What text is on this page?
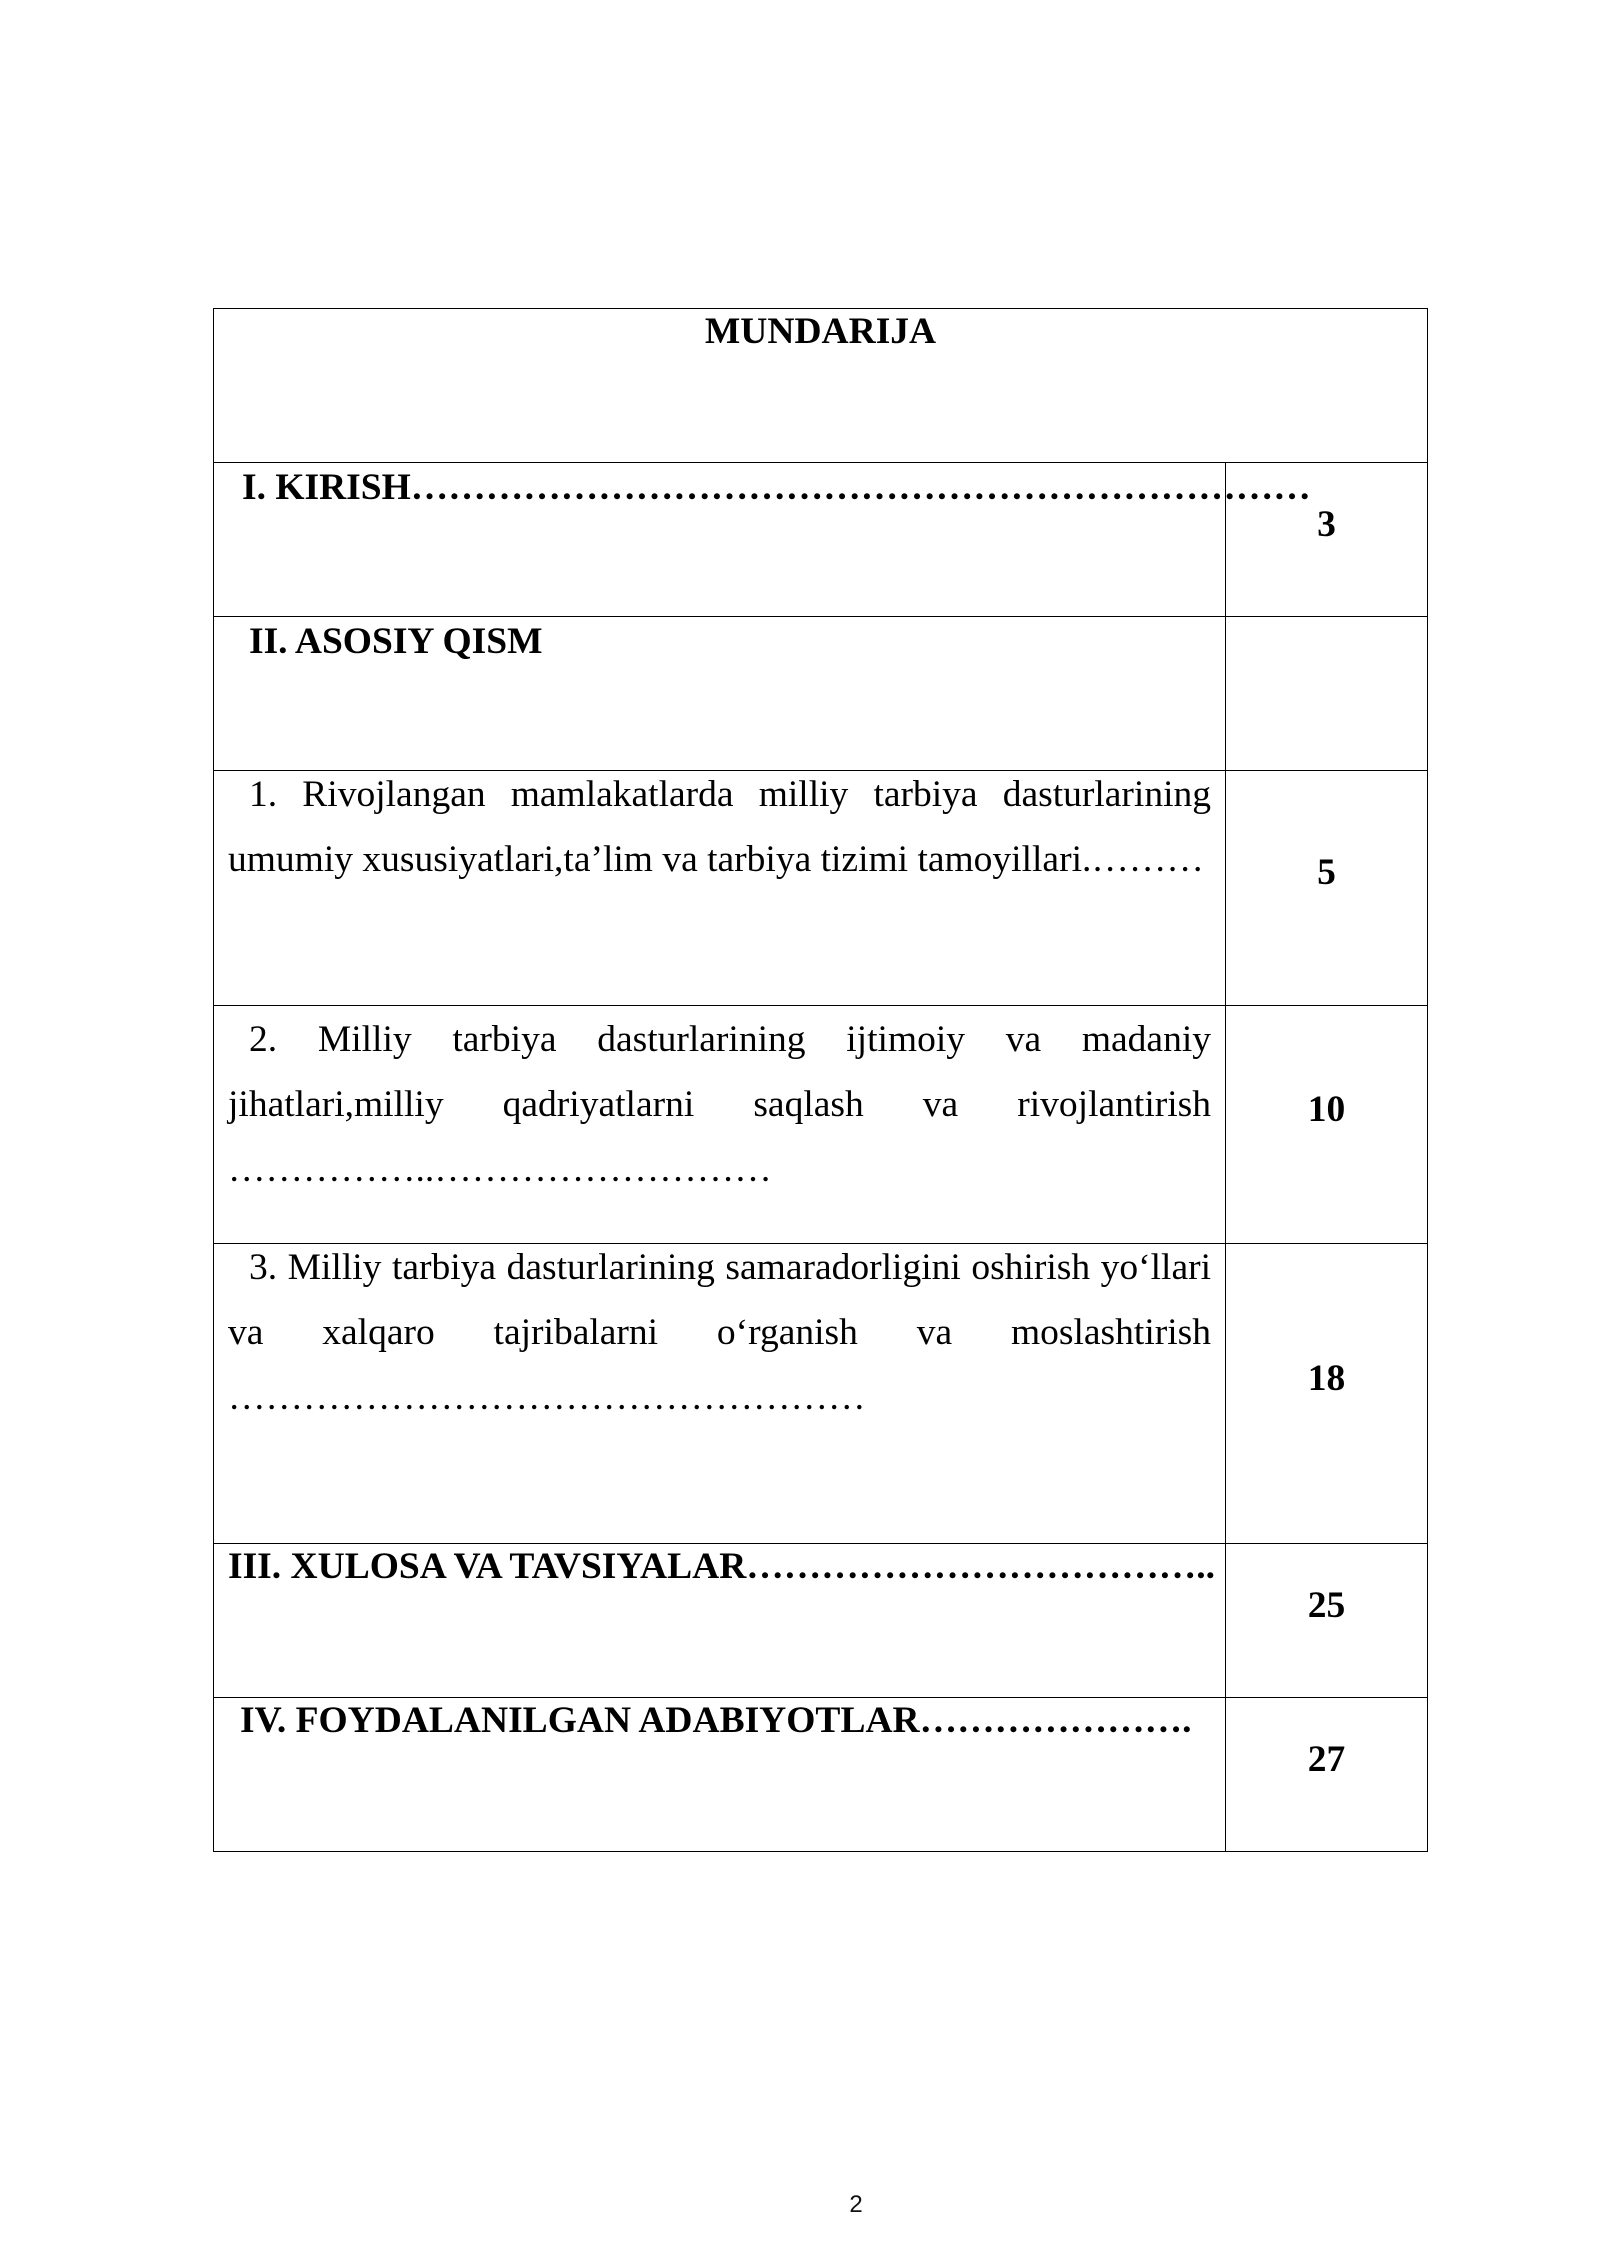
MUNDARIJA	

I. KIRISH………………………………………………………………	3

II. ASOSIY QISM	

1. Rivojlangan mamlakatlarda milliy tarbiya dasturlarining
umumiy xususiyatlari,ta’lim va tarbiya tizimi tamoyillari.………	5

2. Milliy tarbiya dasturlarining ijtimoiy va madaniy
jihatlari,milliy qadriyatlarni saqlash va rivojlantirish
……………..………………………	10

3. Milliy tarbiya dasturlarining samaradorligini oshirish yo‘llari
va xalqaro tajribalarni o‘rganish va moslashtirish
……………………………………………	18

III. XULOSA VA TAVSIYALAR………………………………..	25

IV. FOYDALANILGAN ADABIYOTLAR………………….	27
2
